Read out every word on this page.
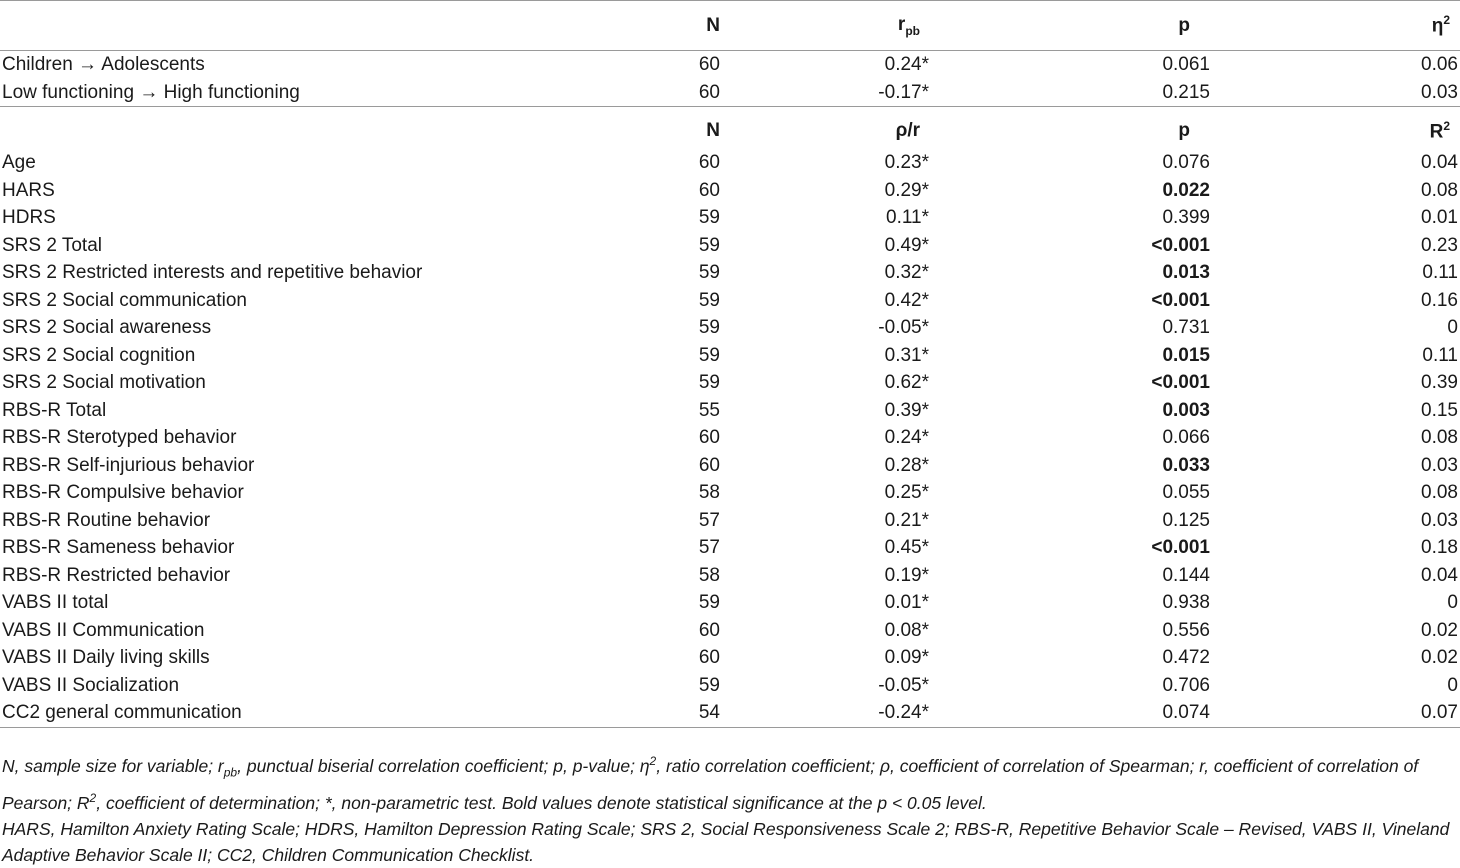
	N	$r_{pb}$	p	$\eta^2$
Children → Adolescents	60	0.24*	0.061	0.06
Low functioning → High functioning	60	-0.17*	0.215	0.03
	N	ρ/r	p	$R^2$
Age	60	0.23*	0.076	0.04
HARS	60	0.29*	0.022	0.08
HDRS	59	0.11*	0.399	0.01
SRS 2 Total	59	0.49*	<0.001	0.23
SRS 2 Restricted interests and repetitive behavior	59	0.32*	0.013	0.11
SRS 2 Social communication	59	0.42*	<0.001	0.16
SRS 2 Social awareness	59	-0.05*	0.731	0
SRS 2 Social cognition	59	0.31*	0.015	0.11
SRS 2 Social motivation	59	0.62*	<0.001	0.39
RBS-R Total	55	0.39*	0.003	0.15
RBS-R Sterotyped behavior	60	0.24*	0.066	0.08
RBS-R Self-injurious behavior	60	0.28*	0.033	0.03
RBS-R Compulsive behavior	58	0.25*	0.055	0.08
RBS-R Routine behavior	57	0.21*	0.125	0.03
RBS-R Sameness behavior	57	0.45*	<0.001	0.18
RBS-R Restricted behavior	58	0.19*	0.144	0.04
VABS II total	59	0.01*	0.938	0
VABS II Communication	60	0.08*	0.556	0.02
VABS II Daily living skills	60	0.09*	0.472	0.02
VABS II Socialization	59	-0.05*	0.706	0
CC2 general communication	54	-0.24*	0.074	0.07

N, sample size for variable; $r_{pb}$, punctual biserial correlation coefficient; p, p-value; $\eta^2$, ratio correlation coefficient; ρ, coefficient of correlation of Spearman; r, coefficient of correlation of Pearson; $R^2$, coefficient of determination; *, non-parametric test. Bold values denote statistical significance at the p < 0.05 level.

HARS, Hamilton Anxiety Rating Scale; HDRS, Hamilton Depression Rating Scale; SRS 2, Social Responsiveness Scale 2; RBS-R, Repetitive Behavior Scale – Revised, VABS II, Vineland Adaptive Behavior Scale II; CC2, Children Communication Checklist.
